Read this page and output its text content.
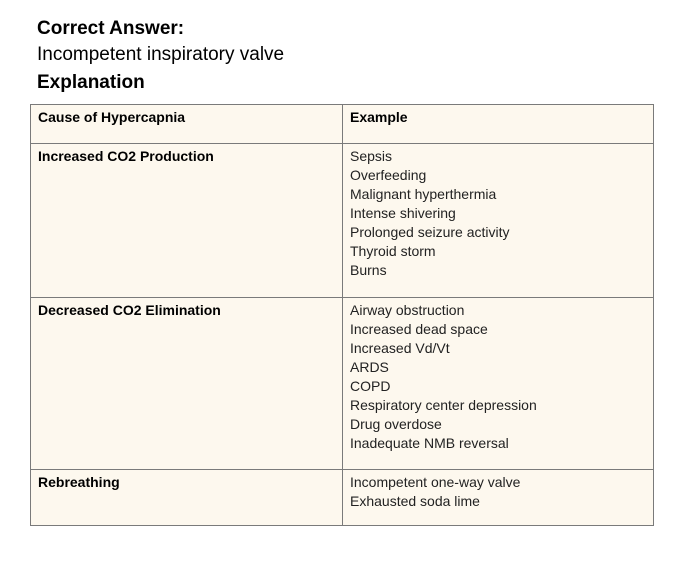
Correct Answer:
Incompetent inspiratory valve
Explanation
Cause of Hypercapnia	Example
Increased CO2 Production	Sepsis
Overfeeding
Malignant hyperthermia
Intense shivering
Prolonged seizure activity
Thyroid storm
Burns
Decreased CO2 Elimination	Airway obstruction
Increased dead space
Increased Vd/Vt
ARDS
COPD
Respiratory center depression
Drug overdose
Inadequate NMB reversal
Rebreathing	Incompetent one-way valve
Exhausted soda lime
